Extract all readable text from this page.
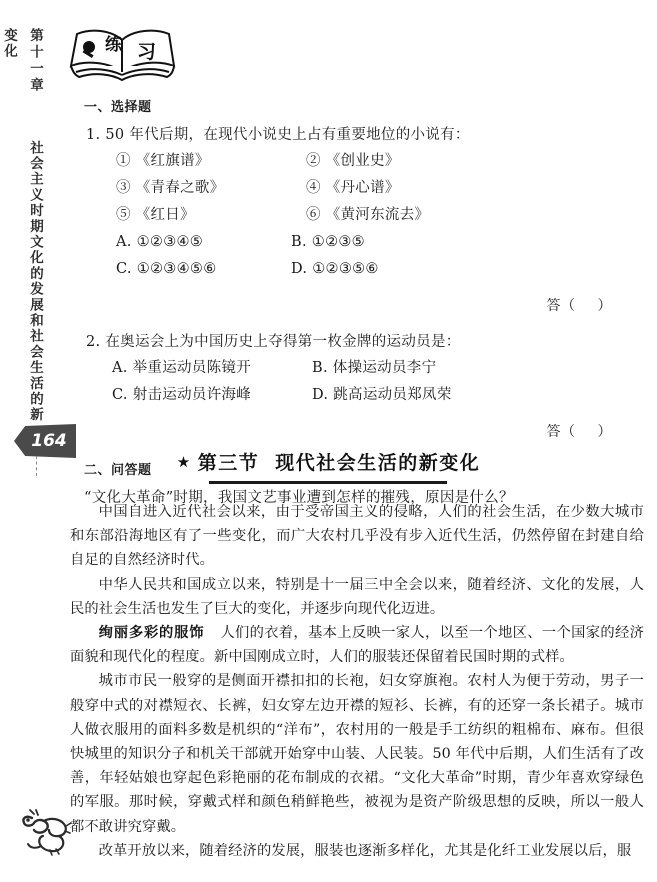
第十一章  社会主义时期文化的发展和社会生活的新变化
164
练 习

一、选择题

1. 50 年代后期，在现代小说史上占有重要地位的小说有：

① 《红旗谱》	② 《创业史》
③ 《青春之歌》	④ 《丹心谱》
⑤ 《红日》	⑥ 《黄河东流去》
A. ①②③④⑤	B. ①②③⑤
C. ①②③④⑤⑥	D. ①②③⑤⑥
答（ ）

2. 在奥运会上为中国历史上夺得第一枚金牌的运动员是：

A. 举重运动员陈镜开	B. 体操运动员李宁
C. 射击运动员许海峰	D. 跳高运动员郑凤荣
答（ ）

二、问答题

“文化大革命”时期，我国文艺事业遭到怎样的摧残，原因是什么？

★ 第三节 现代社会生活的新变化

中国自进入近代社会以来，由于受帝国主义的侵略，人们的社会生活，在少数大城市和东部沿海地区有了一些变化，而广大农村几乎没有步入近代生活，仍然停留在封建自给自足的自然经济时代。

中华人民共和国成立以来，特别是十一届三中全会以来，随着经济、文化的发展，人民的社会生活也发生了巨大的变化，并逐步向现代化迈进。

绚丽多彩的服饰 人们的衣着，基本上反映一家人，以至一个地区、一个国家的经济面貌和现代化的程度。新中国刚成立时，人们的服装还保留着民国时期的式样。

城市市民一般穿的是侧面开襟扣扣的长袍，妇女穿旗袍。农村人为便于劳动，男子一般穿中式的对襟短衣、长裤，妇女穿左边开襟的短衫、长裤，有的还穿一条长裙子。城市人做衣服用的面料多数是机织的“洋布”，农村用的一般是手工纺织的粗棉布、麻布。但很快城里的知识分子和机关干部就开始穿中山装、人民装。50 年代中后期，人们生活有了改善，年轻姑娘也穿起色彩艳丽的花布制成的衣裙。“文化大革命”时期，青少年喜欢穿绿色的军服。那时候，穿戴式样和颜色稍鲜艳些，被视为是资产阶级思想的反映，所以一般人都不敢讲究穿戴。

改革开放以来，随着经济的发展，服装也逐渐多样化，尤其是化纤工业发展以后，服
